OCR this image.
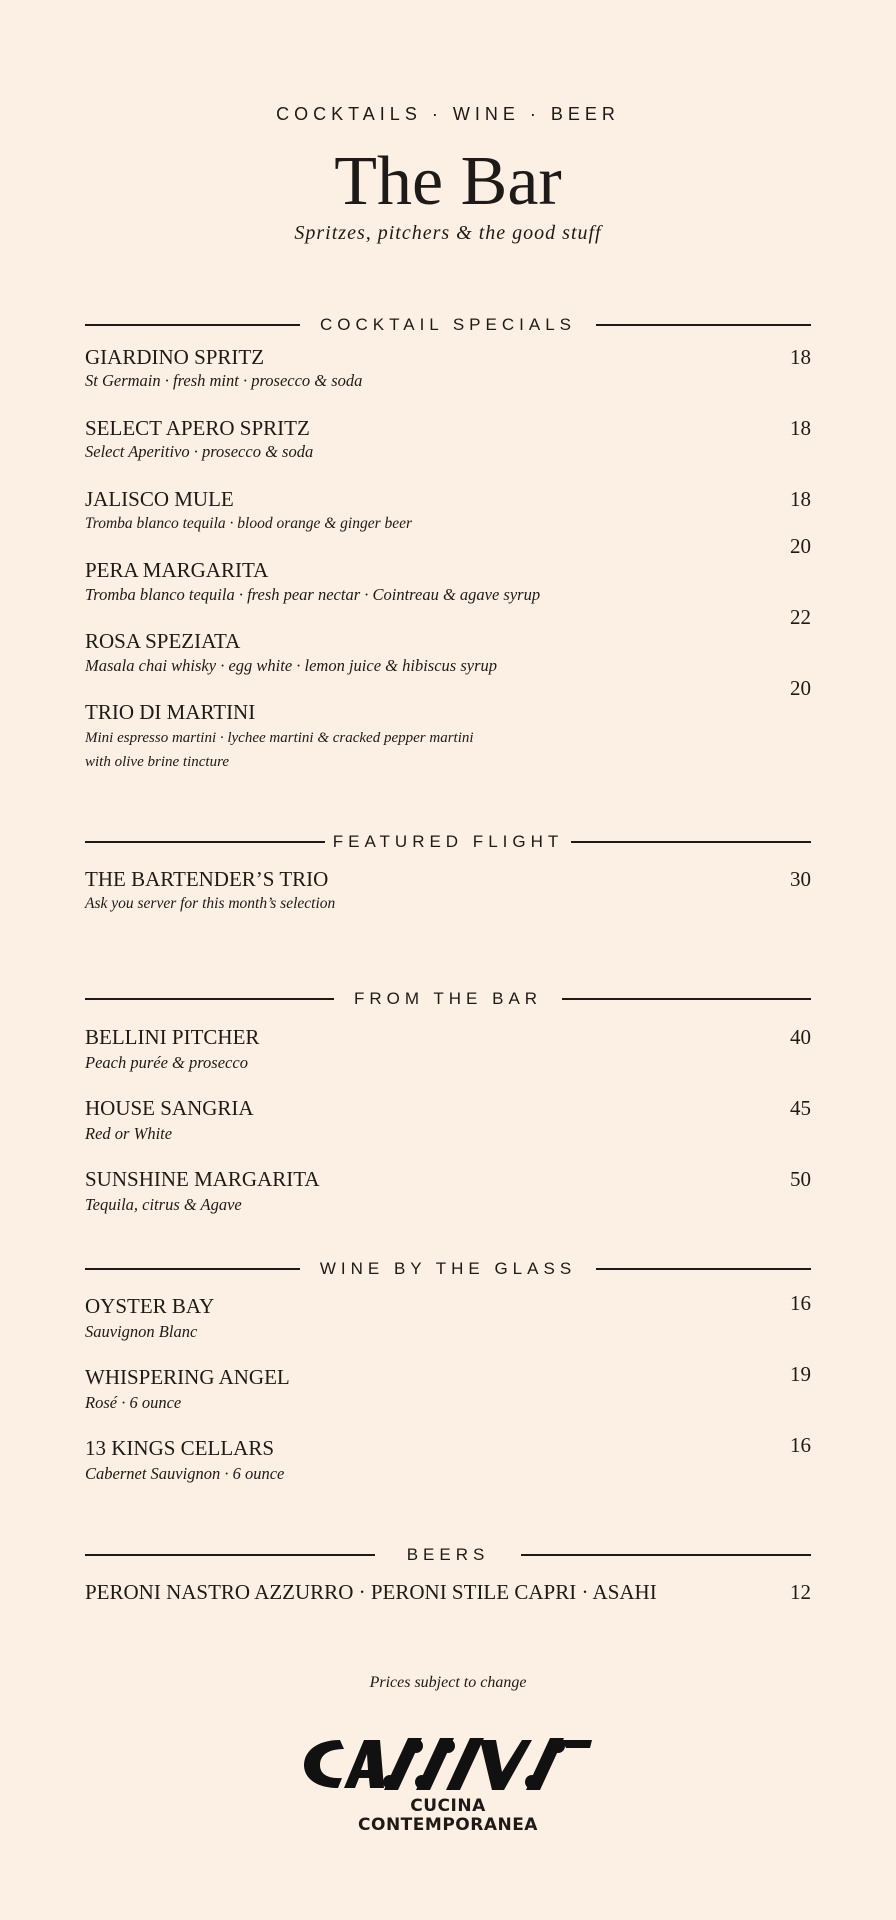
COCKTAILS · WINE · BEER
The Bar
Spritzes, pitchers & the good stuff
COCKTAIL SPECIALS
GIARDINO SPRITZ
St Germain · fresh mint · prosecco & soda
18
SELECT APERO SPRITZ
Select Aperitivo · prosecco & soda
18
JALISCO MULE
Tromba blanco tequila · blood orange & ginger beer
18
20
PERA MARGARITA
Tromba blanco tequila · fresh pear nectar · Cointreau & agave syrup
22
ROSA SPEZIATA
Masala chai whisky · egg white · lemon juice & hibiscus syrup
20
TRIO DI MARTINI
Mini espresso martini · lychee martini & cracked pepper martini
with olive brine tincture
FEATURED FLIGHT
THE BARTENDER’S TRIO
Ask you server for this month’s selection
30
FROM THE BAR
BELLINI PITCHER
Peach purée & prosecco
40
HOUSE SANGRIA
Red or White
45
SUNSHINE MARGARITA
Tequila, citrus & Agave
50
WINE BY THE GLASS
OYSTER BAY
Sauvignon Blanc
16
WHISPERING ANGEL
Rosé · 6 ounce
19
13 KINGS CELLARS
Cabernet Sauvignon · 6 ounce
16
BEERS
PERONI NASTRO AZZURRO · PERONI STILE CAPRI · ASAHI	12
Prices subject to change
CUCINA
CONTEMPORANEA
